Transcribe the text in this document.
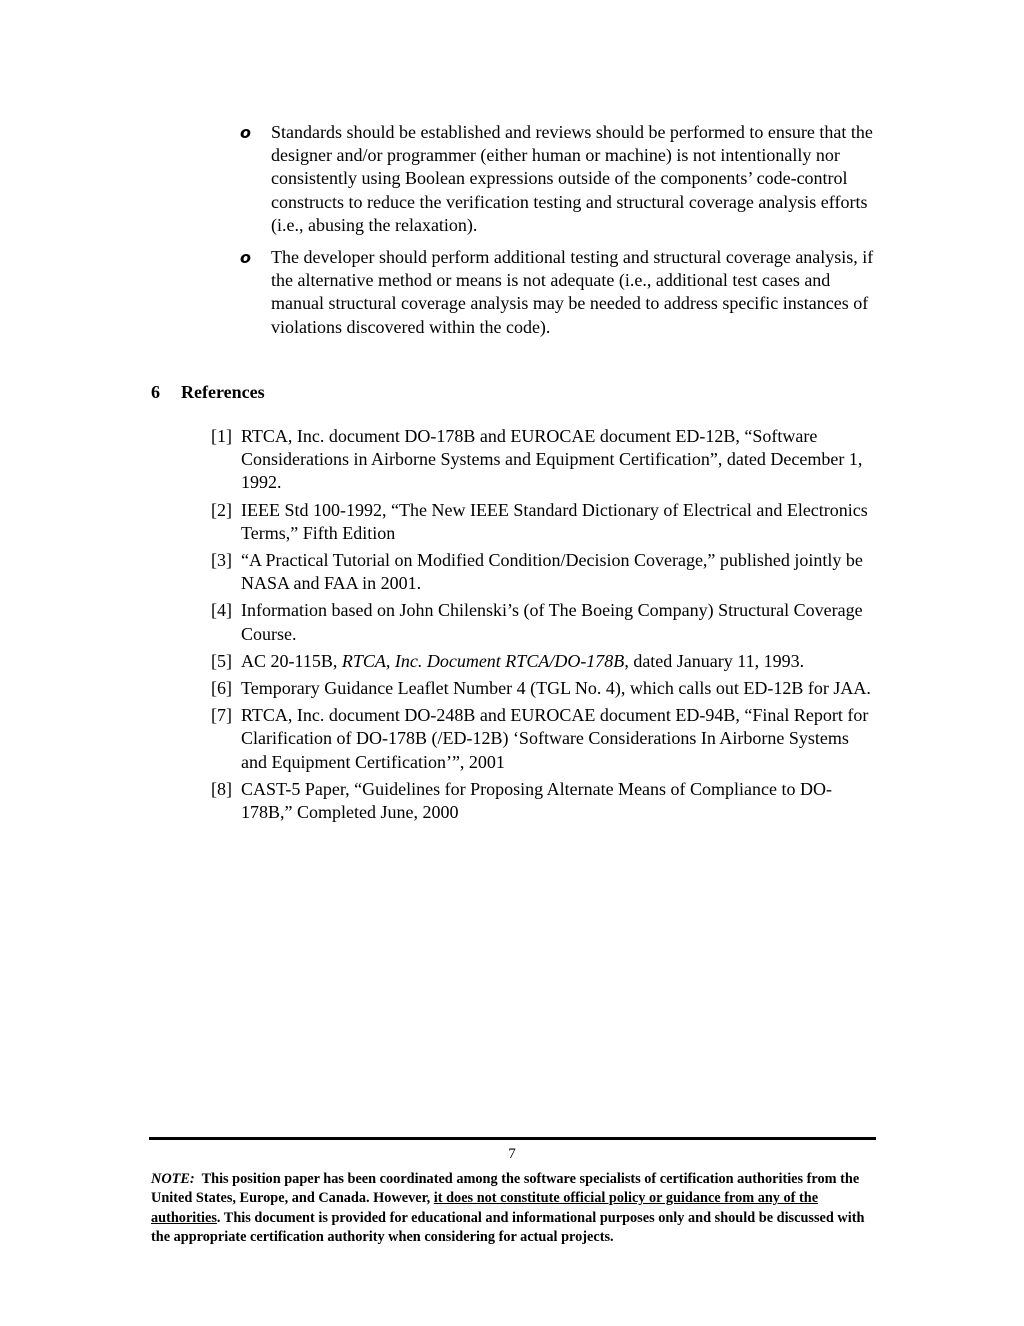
o Standards should be established and reviews should be performed to ensure that the designer and/or programmer (either human or machine) is not intentionally nor consistently using Boolean expressions outside of the components’ code-control constructs to reduce the verification testing and structural coverage analysis efforts (i.e., abusing the relaxation).
o The developer should perform additional testing and structural coverage analysis, if the alternative method or means is not adequate (i.e., additional test cases and manual structural coverage analysis may be needed to address specific instances of violations discovered within the code).
6 References
[1] RTCA, Inc. document DO-178B and EUROCAE document ED-12B, “Software Considerations in Airborne Systems and Equipment Certification”, dated December 1, 1992.
[2] IEEE Std 100-1992, “The New IEEE Standard Dictionary of Electrical and Electronics Terms,” Fifth Edition
[3] “A Practical Tutorial on Modified Condition/Decision Coverage,” published jointly be NASA and FAA in 2001.
[4] Information based on John Chilenski’s (of The Boeing Company) Structural Coverage Course.
[5] AC 20-115B, RTCA, Inc. Document RTCA/DO-178B, dated January 11, 1993.
[6] Temporary Guidance Leaflet Number 4 (TGL No. 4), which calls out ED-12B for JAA.
[7] RTCA, Inc. document DO-248B and EUROCAE document ED-94B, “Final Report for Clarification of DO-178B (/ED-12B) ‘Software Considerations In Airborne Systems and Equipment Certification’”, 2001
[8] CAST-5 Paper, “Guidelines for Proposing Alternate Means of Compliance to DO-178B,” Completed June, 2000
7

NOTE: This position paper has been coordinated among the software specialists of certification authorities from the United States, Europe, and Canada. However, it does not constitute official policy or guidance from any of the authorities. This document is provided for educational and informational purposes only and should be discussed with the appropriate certification authority when considering for actual projects.
